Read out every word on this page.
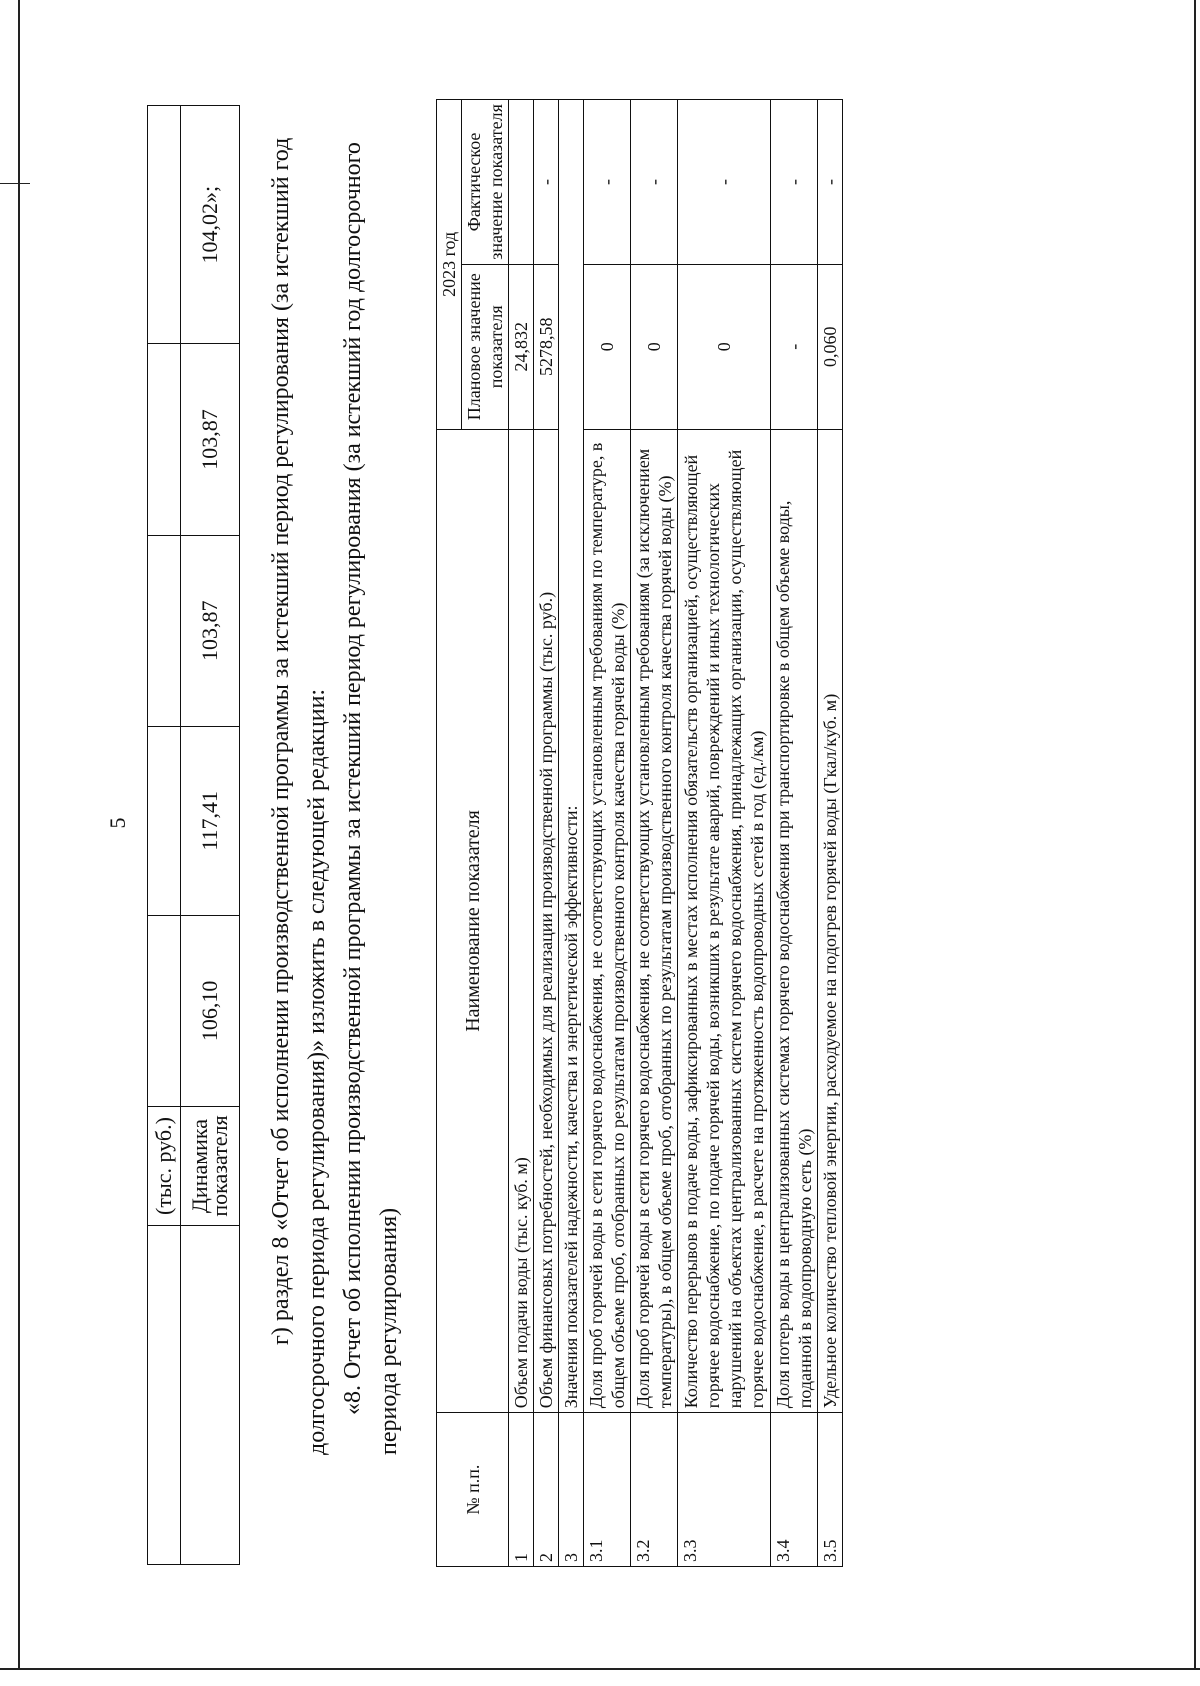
5
	(тыс. руб.)					
	Динамика показателя	106,10	117,41	103,87	103,87	104,02»; г) раздел 8 «Отчет об исполнении производственной программы за истекший период регулирования (за истекший год долгосрочного периода регулирования)» изложить в следующей редакции: «8. Отчет об исполнении производственной программы за истекший период регулирования (за истекший год долгосрочного периода регулирования)
№ п.п.	Наименование показателя	2023 год	
		Плановое значение показателя	Фактическое значение показателя
1	Объем подачи воды (тыс. куб. м)	24,832	
2	Объем финансовых потребностей, необходимых для реализации производственной программы (тыс. руб.)	5278,58	-
3	Значения показателей надежности, качества и энергетической эффективности:		
3.1	Доля проб горячей воды в сети горячего водоснабжения, не соответствующих установленным требованиям по температуре, в общем объеме проб, отобранных по результатам производственного контроля качества горячей воды (%)	0	-
3.2	Доля проб горячей воды в сети горячего водоснабжения, не соответствующих установленным требованиям (за исключением температуры), в общем объеме проб, отобранных по результатам производственного контроля качества горячей воды (%)	0	-
3.3	Количество перерывов в подаче воды, зафиксированных в местах исполнения обязательств организацией, осуществляющей горячее водоснабжение, по подаче горячей воды, возникших в результате аварий, повреждений и иных технологических нарушений на объектах централизованных систем горячего водоснабжения, принадлежащих организации, осуществляющей горячее водоснабжение, в расчете на протяженность водопроводных сетей в год (ед./км)	0	-
3.4	Доля потерь воды в централизованных системах горячего водоснабжения при транспортировке в общем объеме воды, поданной в водопроводную сеть (%)	-	-
3.5	Удельное количество тепловой энергии, расходуемое на подогрев горячей воды (Гкал/куб. м)	0,060	-
